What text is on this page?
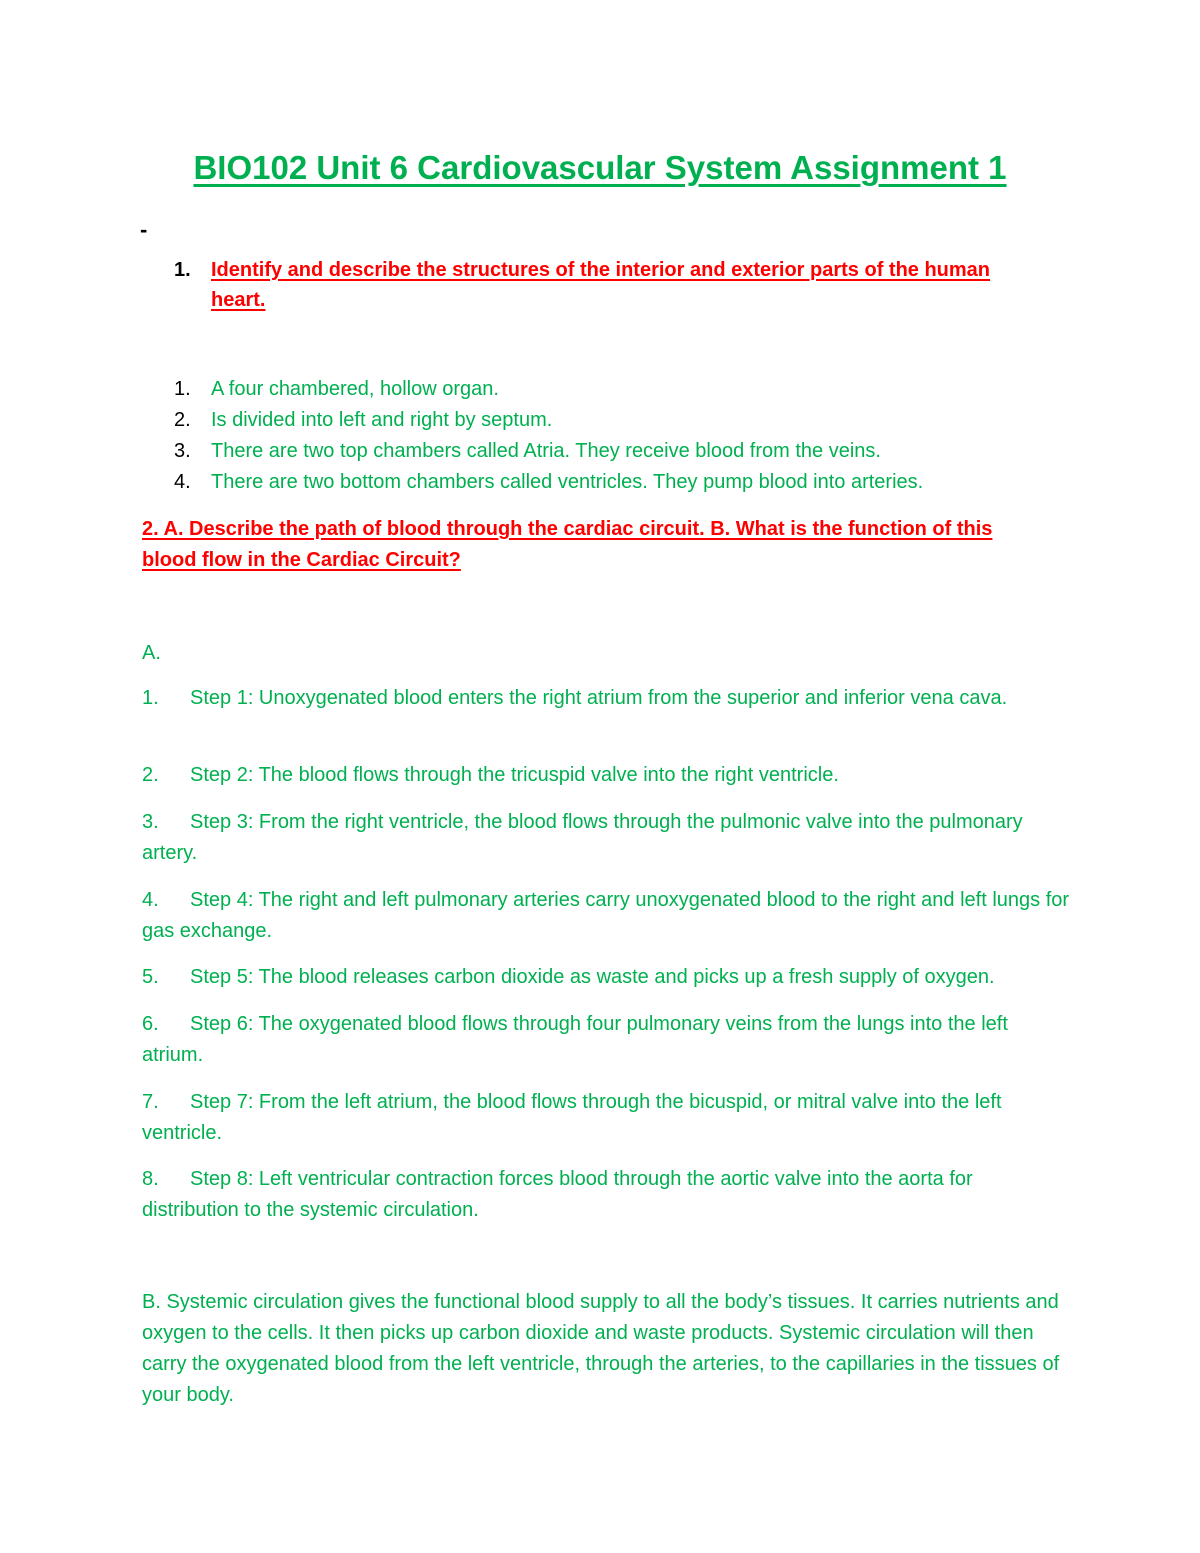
BIO102 Unit 6 Cardiovascular System Assignment 1
-
1.	Identify and describe the structures of the interior and exterior parts of the human heart.
1.	A four chambered, hollow organ.
2.	Is divided into left and right by septum.
3.	There are two top chambers called Atria. They receive blood from the veins.
4.	There are two bottom chambers called ventricles. They pump blood into arteries.
2. A. Describe the path of blood through the cardiac circuit. B. What is the function of this blood flow in the Cardiac Circuit?
A.
1. Step 1: Unoxygenated blood enters the right atrium from the superior and inferior vena cava.
2. Step 2: The blood flows through the tricuspid valve into the right ventricle.
3. Step 3: From the right ventricle, the blood flows through the pulmonic valve into the pulmonary artery.
4. Step 4: The right and left pulmonary arteries carry unoxygenated blood to the right and left lungs for gas exchange.
5. Step 5: The blood releases carbon dioxide as waste and picks up a fresh supply of oxygen.
6. Step 6: The oxygenated blood flows through four pulmonary veins from the lungs into the left atrium.
7. Step 7: From the left atrium, the blood flows through the bicuspid, or mitral valve into the left ventricle.
8. Step 8: Left ventricular contraction forces blood through the aortic valve into the aorta for distribution to the systemic circulation.
B. Systemic circulation gives the functional blood supply to all the body’s tissues. It carries nutrients and oxygen to the cells. It then picks up carbon dioxide and waste products. Systemic circulation will then carry the oxygenated blood from the left ventricle, through the arteries, to the capillaries in the tissues of your body.
